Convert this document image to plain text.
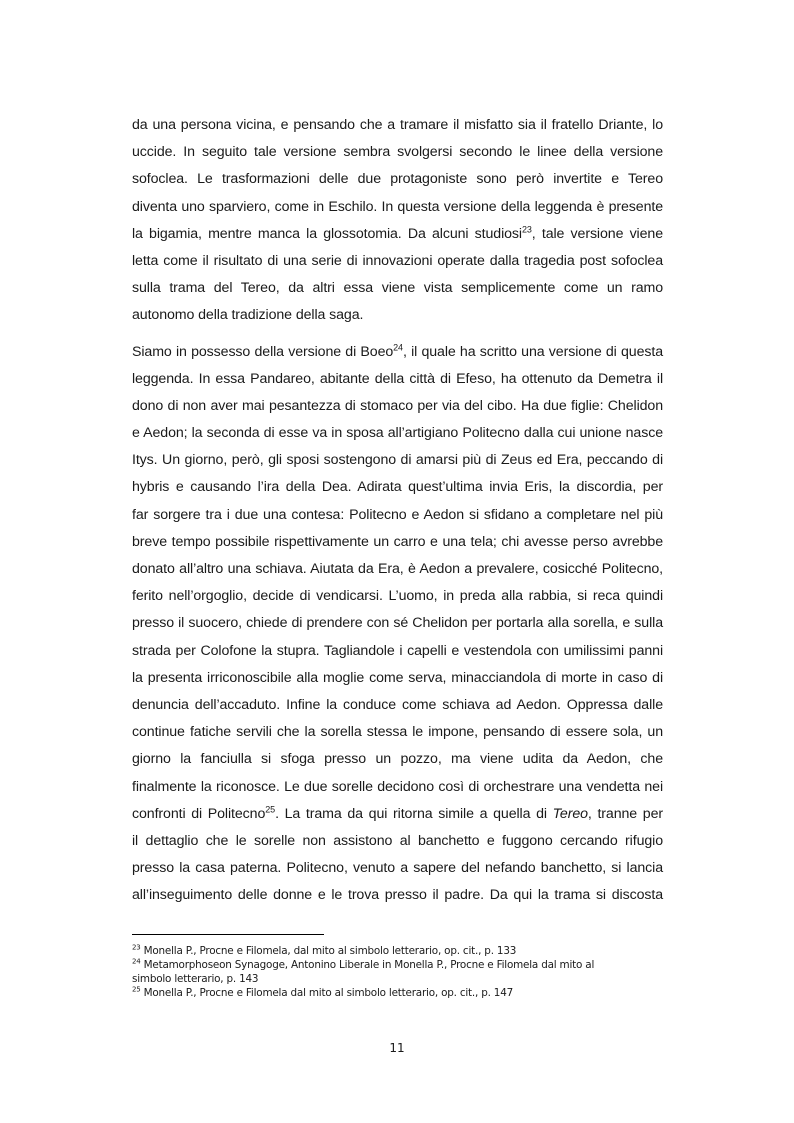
da una persona vicina, e pensando che a tramare il misfatto sia il fratello Driante, lo
uccide. In seguito tale versione sembra svolgersi secondo le linee della versione
sofoclea. Le trasformazioni delle due protagoniste sono però invertite e Tereo
diventa uno sparviero, come in Eschilo. In questa versione della leggenda è presente
la bigamia, mentre manca la glossotomia. Da alcuni studiosi$^{23}$, tale versione viene
letta come il risultato di una serie di innovazioni operate dalla tragedia post sofoclea
sulla trama del Tereo, da altri essa viene vista semplicemente come un ramo
autonomo della tradizione della saga.
Siamo in possesso della versione di Boeo$^{24}$, il quale ha scritto una versione di questa
leggenda. In essa Pandareo, abitante della città di Efeso, ha ottenuto da Demetra il
dono di non aver mai pesantezza di stomaco per via del cibo. Ha due figlie: Chelidon
e Aedon; la seconda di esse va in sposa all’artigiano Politecno dalla cui unione nasce
Itys. Un giorno, però, gli sposi sostengono di amarsi più di Zeus ed Era, peccando di
hybris e causando l’ira della Dea. Adirata quest’ultima invia Eris, la discordia, per
far sorgere tra i due una contesa: Politecno e Aedon si sfidano a completare nel più
breve tempo possibile rispettivamente un carro e una tela; chi avesse perso avrebbe
donato all’altro una schiava. Aiutata da Era, è Aedon a prevalere, cosicché Politecno,
ferito nell’orgoglio, decide di vendicarsi. L’uomo, in preda alla rabbia, si reca quindi
presso il suocero, chiede di prendere con sé Chelidon per portarla alla sorella, e sulla
strada per Colofone la stupra. Tagliandole i capelli e vestendola con umilissimi panni
la presenta irriconoscibile alla moglie come serva, minacciandola di morte in caso di
denuncia dell’accaduto. Infine la conduce come schiava ad Aedon. Oppressa dalle
continue fatiche servili che la sorella stessa le impone, pensando di essere sola, un
giorno la fanciulla si sfoga presso un pozzo, ma viene udita da Aedon, che
finalmente la riconosce. Le due sorelle decidono così di orchestrare una vendetta nei
confronti di Politecno$^{25}$. La trama da qui ritorna simile a quella di Tereo, tranne per
il dettaglio che le sorelle non assistono al banchetto e fuggono cercando rifugio
presso la casa paterna. Politecno, venuto a sapere del nefando banchetto, si lancia
all’inseguimento delle donne e le trova presso il padre. Da qui la trama si discosta
$^{23}$ Monella P., Procne e Filomela, dal mito al simbolo letterario, op. cit., p. 133
$^{24}$ Metamorphoseon Synagoge, Antonino Liberale in Monella P., Procne e Filomela dal mito al
simbolo letterario, p. 143
$^{25}$ Monella P., Procne e Filomela dal mito al simbolo letterario, op. cit., p. 147
11
